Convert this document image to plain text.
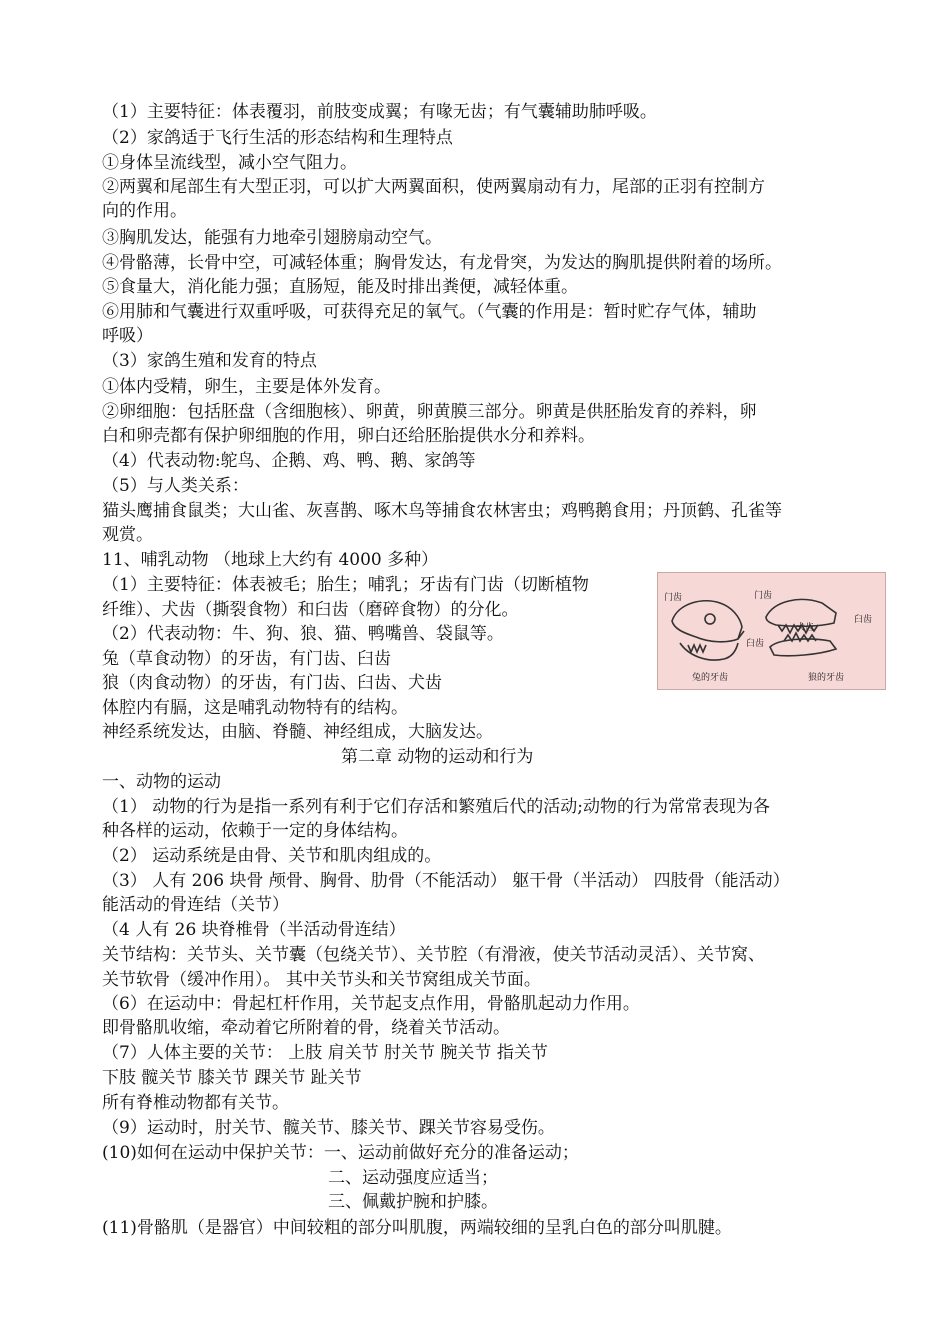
（1）主要特征：体表覆羽，前肢变成翼；有喙无齿；有气囊辅助肺呼吸。
（2）家鸽适于飞行生活的形态结构和生理特点
①身体呈流线型，减小空气阻力。
②两翼和尾部生有大型正羽，可以扩大两翼面积，使两翼扇动有力，尾部的正羽有控制方
向的作用。
③胸肌发达，能强有力地牵引翅膀扇动空气。
④骨骼薄，长骨中空，可减轻体重；胸骨发达，有龙骨突，为发达的胸肌提供附着的场所。
⑤食量大，消化能力强；直肠短，能及时排出粪便，减轻体重。
⑥用肺和气囊进行双重呼吸，可获得充足的氧气。（气囊的作用是：暂时贮存气体，辅助
呼吸）
（3）家鸽生殖和发育的特点
①体内受精，卵生，主要是体外发育。
②卵细胞：包括胚盘（含细胞核）、卵黄，卵黄膜三部分。卵黄是供胚胎发育的养料，卵
白和卵壳都有保护卵细胞的作用，卵白还给胚胎提供水分和养料。
（4）代表动物:鸵鸟、企鹅、鸡、鸭、鹅、家鸽等
（5）与人类关系：
猫头鹰捕食鼠类；大山雀、灰喜鹊、啄木鸟等捕食农林害虫；鸡鸭鹅食用；丹顶鹤、孔雀等
观赏。
11、哺乳动物 （地球上大约有 4000 多种）
（1）主要特征：体表被毛；胎生；哺乳；牙齿有门齿（切断植物
纤维）、犬齿（撕裂食物）和臼齿（磨碎食物）的分化。
（2）代表动物：牛、狗、狼、猫、鸭嘴兽、袋鼠等。
兔（草食动物）的牙齿，有门齿、臼齿
狼（肉食动物）的牙齿，有门齿、臼齿、犬齿
体腔内有膈，这是哺乳动物特有的结构。
神经系统发达，由脑、脊髓、神经组成，大脑发达。
第二章 动物的运动和行为
一、动物的运动
（1） 动物的行为是指一系列有利于它们存活和繁殖后代的活动;动物的行为常常表现为各
种各样的运动，依赖于一定的身体结构。
（2） 运动系统是由骨、关节和肌肉组成的。
（3） 人有 206 块骨 颅骨、胸骨、肋骨（不能活动） 躯干骨（半活动） 四肢骨（能活动）
能活动的骨连结（关节）
（4 人有 26 块脊椎骨（半活动骨连结）
关节结构：关节头、关节囊（包绕关节）、关节腔（有滑液，使关节活动灵活）、关节窝、
关节软骨（缓冲作用）。 其中关节头和关节窝组成关节面。
（6）在运动中：骨起杠杆作用，关节起支点作用，骨骼肌起动力作用。
即骨骼肌收缩，牵动着它所附着的骨，绕着关节活动。
（7）人体主要的关节： 上肢 肩关节 肘关节 腕关节 指关节
下肢 髋关节 膝关节 踝关节 趾关节
所有脊椎动物都有关节。
（9）运动时，肘关节、髋关节、膝关节、踝关节容易受伤。
(10)如何在运动中保护关节：一、运动前做好充分的准备运动；
二、运动强度应适当；
三、佩戴护腕和护膝。
(11)骨骼肌（是器官）中间较粗的部分叫肌腹，两端较细的呈乳白色的部分叫肌腱。
门齿	门齿
犬齿
臼齿
臼齿
兔的牙齿	狼的牙齿
